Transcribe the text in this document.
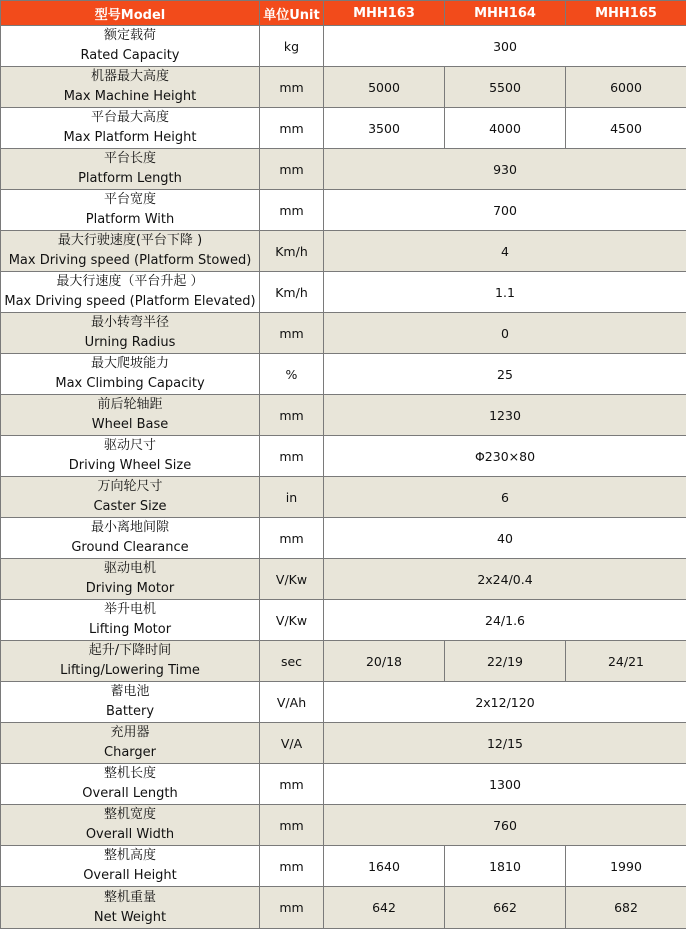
型号Model	单位Unit	MHH163	MHH164	MHH165

额定载荷
Rated Capacity	kg	300		

机器最大高度
Max Machine Height	mm	5000	5500	6000

平台最大高度
Max Platform Height	mm	3500	4000	4500

平台长度
Platform Length	mm	930		

平台宽度
Platform With	mm	700		

最大行驶速度(平台下降 )
Max Driving speed (Platform Stowed)	Km/h	4		

最大行速度（平台升起 ）
Max Driving speed (Platform Elevated)	Km/h	1.1		

最小转弯半径
Urning Radius	mm	0		

最大爬坡能力
Max Climbing Capacity	%	25		

前后轮轴距
Wheel Base	mm	1230		

驱动尺寸
Driving Wheel Size	mm	Φ230×80		

万向轮尺寸
Caster Size	in	6		

最小离地间隙
Ground Clearance	mm	40		

驱动电机
Driving Motor	V/Kw	2x24/0.4		

举升电机
Lifting Motor	V/Kw	24/1.6		

起升/下降时间
Lifting/Lowering Time	sec	20/18	22/19	24/21

蓄电池
Battery	V/Ah	2x12/120		

充用器
Charger	V/A	12/15		

整机长度
Overall Length	mm	1300		

整机宽度
Overall Width	mm	760		

整机高度
Overall Height	mm	1640	1810	1990

整机重量
Net Weight	mm	642	662	682
